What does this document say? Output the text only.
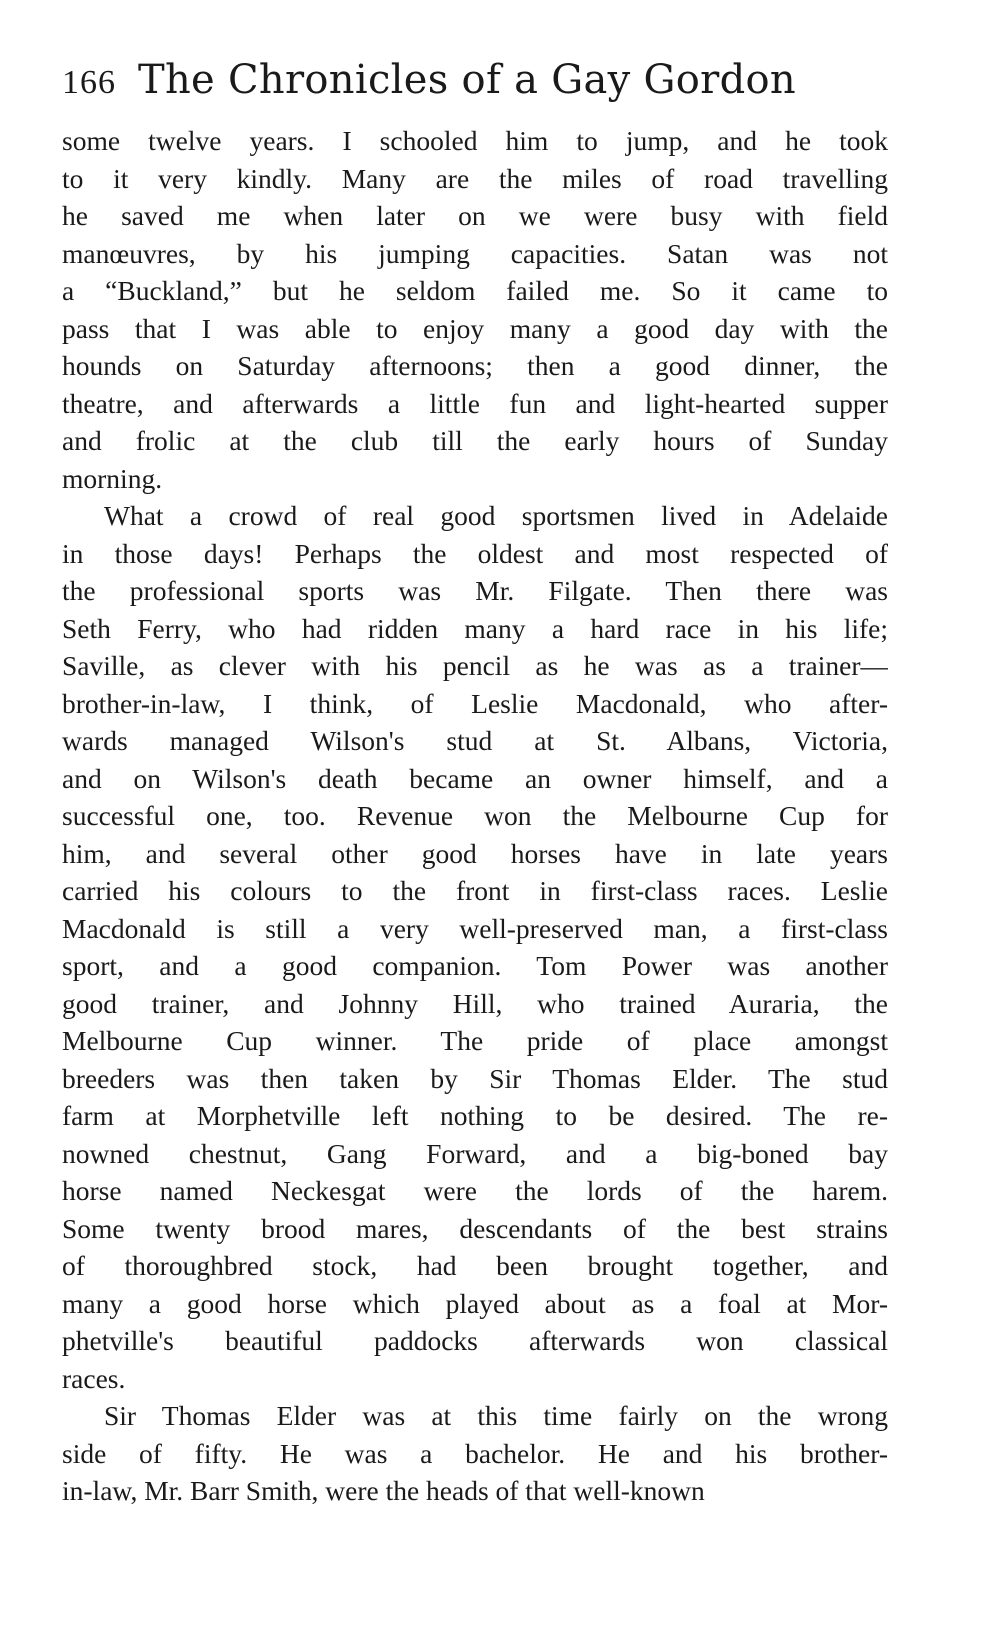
166 The Chronicles of a Gay Gordon
some twelve years. I schooled him to jump, and he took
to it very kindly. Many are the miles of road travelling
he saved me when later on we were busy with field
manœuvres, by his jumping capacities. Satan was not
a “Buckland,” but he seldom failed me. So it came to
pass that I was able to enjoy many a good day with the
hounds on Saturday afternoons; then a good dinner, the
theatre, and afterwards a little fun and light-hearted supper
and frolic at the club till the early hours of Sunday
morning.
What a crowd of real good sportsmen lived in Adelaide
in those days! Perhaps the oldest and most respected of
the professional sports was Mr. Filgate. Then there was
Seth Ferry, who had ridden many a hard race in his life;
Saville, as clever with his pencil as he was as a trainer—
brother-in-law, I think, of Leslie Macdonald, who after-
wards managed Wilson's stud at St. Albans, Victoria,
and on Wilson's death became an owner himself, and a
successful one, too. Revenue won the Melbourne Cup for
him, and several other good horses have in late years
carried his colours to the front in first-class races. Leslie
Macdonald is still a very well-preserved man, a first-class
sport, and a good companion. Tom Power was another
good trainer, and Johnny Hill, who trained Auraria, the
Melbourne Cup winner. The pride of place amongst
breeders was then taken by Sir Thomas Elder. The stud
farm at Morphetville left nothing to be desired. The re-
nowned chestnut, Gang Forward, and a big-boned bay
horse named Neckesgat were the lords of the harem.
Some twenty brood mares, descendants of the best strains
of thoroughbred stock, had been brought together, and
many a good horse which played about as a foal at Mor-
phetville's beautiful paddocks afterwards won classical
races.
Sir Thomas Elder was at this time fairly on the wrong
side of fifty. He was a bachelor. He and his brother-
in-law, Mr. Barr Smith, were the heads of that well-known
